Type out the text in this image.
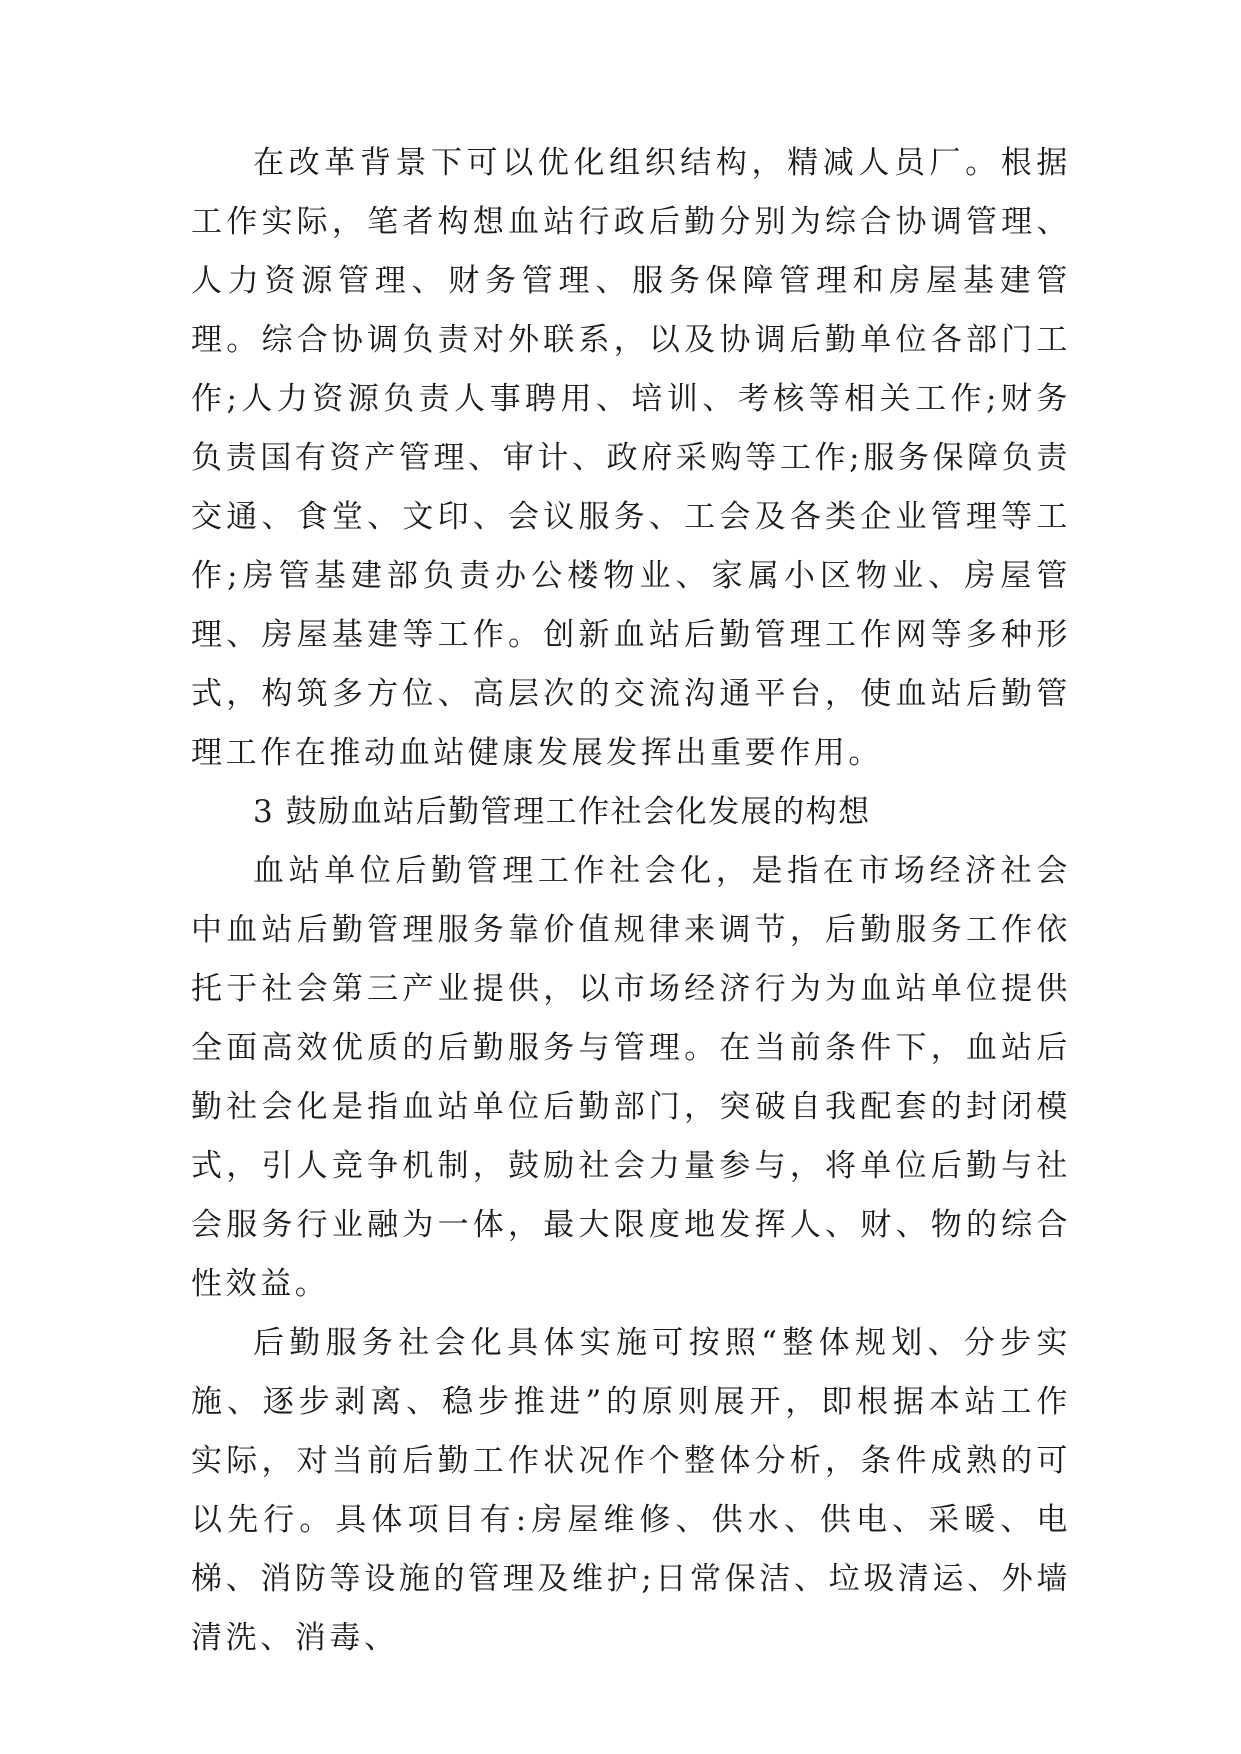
在改革背景下可以优化组织结构，精减人员厂。根据工作实际，笔者构想血站行政后勤分别为综合协调管理、人力资源管理、财务管理、服务保障管理和房屋基建管理。综合协调负责对外联系，以及协调后勤单位各部门工作;人力资源负责人事聘用、培训、考核等相关工作;财务负责国有资产管理、审计、政府采购等工作;服务保障负责交通、食堂、文印、会议服务、工会及各类企业管理等工作;房管基建部负责办公楼物业、家属小区物业、房屋管理、房屋基建等工作。创新血站后勤管理工作网等多种形式，构筑多方位、高层次的交流沟通平台，使血站后勤管理工作在推动血站健康发展发挥出重要作用。

3 鼓励血站后勤管理工作社会化发展的构想

血站单位后勤管理工作社会化，是指在市场经济社会中血站后勤管理服务靠价值规律来调节，后勤服务工作依托于社会第三产业提供，以市场经济行为为血站单位提供全面高效优质的后勤服务与管理。在当前条件下，血站后勤社会化是指血站单位后勤部门，突破自我配套的封闭模式，引人竞争机制，鼓励社会力量参与，将单位后勤与社会服务行业融为一体，最大限度地发挥人、财、物的综合性效益。

后勤服务社会化具体实施可按照“整体规划、分步实施、逐步剥离、稳步推进”的原则展开，即根据本站工作实际，对当前后勤工作状况作个整体分析，条件成熟的可以先行。具体项目有:房屋维修、供水、供电、采暖、电梯、消防等设施的管理及维护;日常保洁、垃圾清运、外墙清洗、消毒、
